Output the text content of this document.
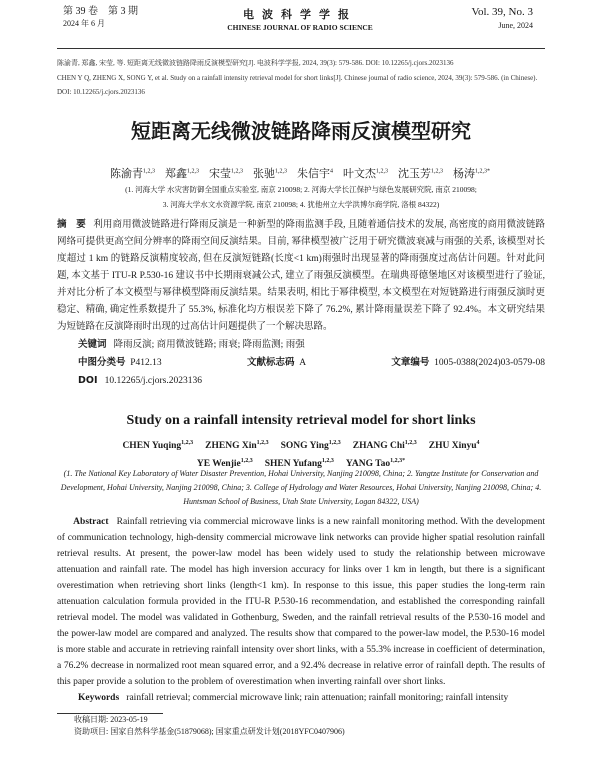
第 39 卷　第 3 期
2024 年 6 月
电波科学学报
CHINESE JOURNAL OF RADIO SCIENCE
Vol. 39, No. 3
June, 2024
陈渝青, 郑鑫, 宋莹, 等. 短距离无线微波链路降雨反演模型研究[J]. 电波科学学报, 2024, 39(3): 579-586. DOI: 10.12265/j.cjors.2023136
CHEN Y Q, ZHENG X, SONG Y, et al. Study on a rainfall intensity retrieval model for short links[J]. Chinese journal of radio science, 2024, 39(3): 579-586. (in Chinese). DOI: 10.12265/j.cjors.2023136
短距离无线微波链路降雨反演模型研究
陈渝青$^{1,2,3}$ 郑鑫$^{1,2,3}$ 宋莹$^{1,2,3}$ 张驰$^{1,2,3}$ 朱信宇$^4$ 叶文杰$^{1,2,3}$ 沈玉芳$^{1,2,3}$ 杨涛$^{1,2,3*}$
(1. 河海大学 水灾害防御全国重点实验室, 南京 210098; 2. 河海大学长江保护与绿色发展研究院, 南京 210098;
3. 河海大学水文水资源学院, 南京 210098; 4. 犹他州立大学洪博尔商学院, 洛根 84322)
摘　要 利用商用微波链路进行降雨反演是一种新型的降雨监测手段, 且随着通信技术的发展, 高密度的商用微波链路网络可提供更高空间分辨率的降雨空间反演结果。目前, 幂律模型被广泛用于研究微波衰减与雨强的关系, 该模型对长度超过 1 km 的链路反演精度较高, 但在反演短链路(长度<1 km)雨强时出现显著的降雨强度过高估计问题。针对此问题, 本文基于 ITU-R P.530-16 建议书中长期雨衰减公式, 建立了雨强反演模型。在瑞典哥德堡地区对该模型进行了验证, 并对比分析了本文模型与幂律模型降雨反演结果。结果表明, 相比于幂律模型, 本文模型在对短链路进行雨强反演时更稳定、精确, 确定性系数提升了 55.3%, 标准化均方根误差下降了 76.2%, 累计降雨量误差下降了 92.4%。本文研究结果为短链路在反演降雨时出现的过高估计问题提供了一个解决思路。
关键词 降雨反演; 商用微波链路; 雨衰; 降雨监测; 雨强
中图分类号 P412.13	文献标志码 A	文章编号 1005-0388(2024)03-0579-08
DOI 10.12265/j.cjors.2023136
Study on a rainfall intensity retrieval model for short links
CHEN Yuqing$^{1,2,3}$ ZHENG Xin$^{1,2,3}$ SONG Ying$^{1,2,3}$ ZHANG Chi$^{1,2,3}$ ZHU Xinyu$^4$
YE Wenjie$^{1,2,3}$ SHEN Yufang$^{1,2,3}$ YANG Tao$^{1,2,3*}$
(1. The National Key Laboratory of Water Disaster Prevention, Hohai University, Nanjing 210098, China; 2. Yangtze Institute for Conservation and Development, Hohai University, Nanjing 210098, China; 3. College of Hydrology and Water Resources, Hohai University, Nanjing 210098, China; 4. Huntsman School of Business, Utah State University, Logan 84322, USA)
Abstract Rainfall retrieving via commercial microwave links is a new rainfall monitoring method. With the development of communication technology, high-density commercial microwave link networks can provide higher spatial resolution rainfall retrieval results. At present, the power-law model has been widely used to study the relationship between microwave attenuation and rainfall rate. The model has high inversion accuracy for links over 1 km in length, but there is a significant overestimation when retrieving short links (length<1 km). In response to this issue, this paper studies the long-term rain attenuation calculation formula provided in the ITU-R P.530-16 recommendation, and established the corresponding rainfall retrieval model. The model was validated in Gothenburg, Sweden, and the rainfall retrieval results of the P.530-16 model and the power-law model are compared and analyzed. The results show that compared to the power-law model, the P.530-16 model is more stable and accurate in retrieving rainfall intensity over short links, with a 55.3% increase in coefficient of determination, a 76.2% decrease in normalized root mean squared error, and a 92.4% decrease in relative error of rainfall depth. The results of this paper provide a solution to the problem of overestimation when inverting rainfall over short links.
Keywords rainfall retrieval; commercial microwave link; rain attenuation; rainfall monitoring; rainfall intensity
收稿日期: 2023-05-19
资助项目: 国家自然科学基金(51879068); 国家重点研发计划(2018YFC0407906)
